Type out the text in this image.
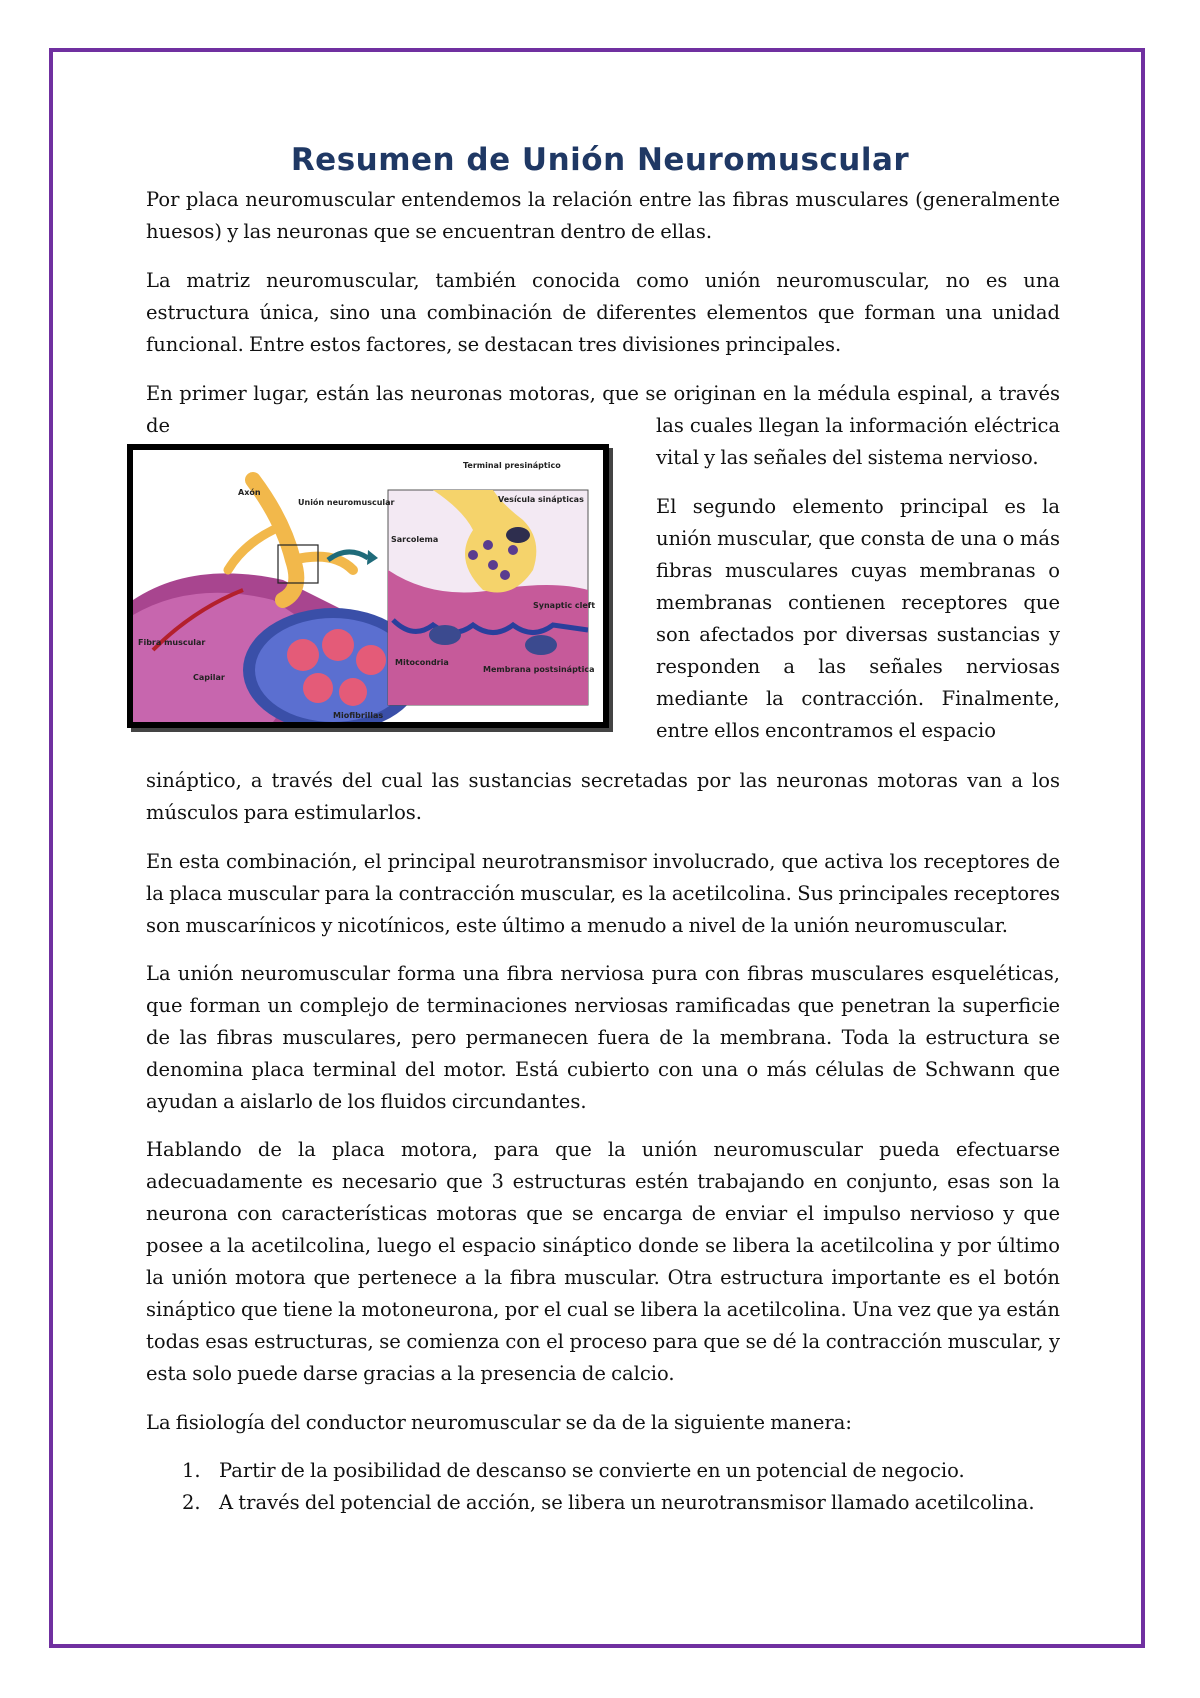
Resumen de Unión Neuromuscular

Por placa neuromuscular entendemos la relación entre las fibras musculares (generalmente huesos) y las neuronas que se encuentran dentro de ellas.

La matriz neuromuscular, también conocida como unión neuromuscular, no es una estructura única, sino una combinación de diferentes elementos que forman una unidad funcional. Entre estos factores, se destacan tres divisiones principales.

En primer lugar, están las neuronas motoras, que se originan en la médula espinal, a través de

Axón
Unión neuromuscular
Fibra muscular
Capilar
Miofibrillas
Terminal presináptico
Vesícula sinápticas
Sarcolema
Synaptic cleft
Mitocondria
Membrana postsináptica

las cuales llegan la información eléctrica vital y las señales del sistema nervioso.

El segundo elemento principal es la unión muscular, que consta de una o más fibras musculares cuyas membranas o membranas contienen receptores que son afectados por diversas sustancias y responden a las señales nerviosas mediante la contracción. Finalmente, entre ellos encontramos el espacio

sináptico, a través del cual las sustancias secretadas por las neuronas motoras van a los músculos para estimularlos.

En esta combinación, el principal neurotransmisor involucrado, que activa los receptores de la placa muscular para la contracción muscular, es la acetilcolina. Sus principales receptores son muscarínicos y nicotínicos, este último a menudo a nivel de la unión neuromuscular.

La unión neuromuscular forma una fibra nerviosa pura con fibras musculares esqueléticas, que forman un complejo de terminaciones nerviosas ramificadas que penetran la superficie de las fibras musculares, pero permanecen fuera de la membrana. Toda la estructura se denomina placa terminal del motor. Está cubierto con una o más células de Schwann que ayudan a aislarlo de los fluidos circundantes.

Hablando de la placa motora, para que la unión neuromuscular pueda efectuarse adecuadamente es necesario que 3 estructuras estén trabajando en conjunto, esas son la neurona con características motoras que se encarga de enviar el impulso nervioso y que posee a la acetilcolina, luego el espacio sináptico donde se libera la acetilcolina y por último la unión motora que pertenece a la fibra muscular. Otra estructura importante es el botón sináptico que tiene la motoneurona, por el cual se libera la acetilcolina. Una vez que ya están todas esas estructuras, se comienza con el proceso para que se dé la contracción muscular, y esta solo puede darse gracias a la presencia de calcio.

La fisiología del conductor neuromuscular se da de la siguiente manera:

1. Partir de la posibilidad de descanso se convierte en un potencial de negocio.
2. A través del potencial de acción, se libera un neurotransmisor llamado acetilcolina.
